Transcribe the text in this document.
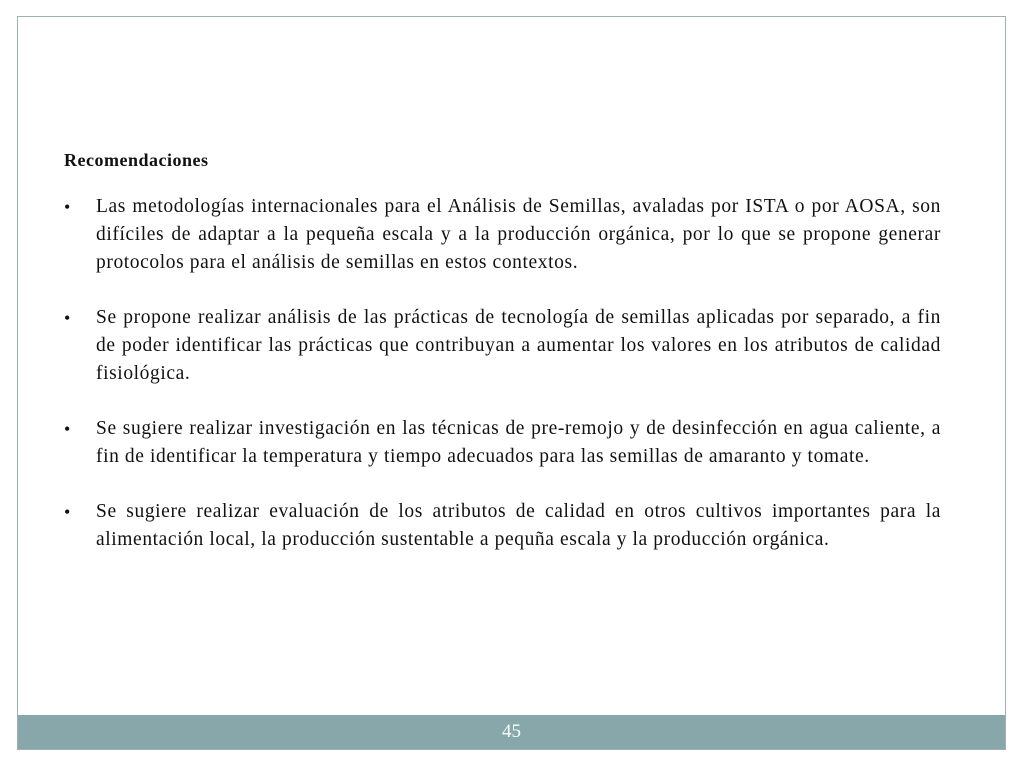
Recomendaciones
• Las metodologías internacionales para el Análisis de Semillas, avaladas por ISTA o por AOSA, son difíciles de adaptar a la pequeña escala y a la producción orgánica, por lo que se propone generar protocolos para el análisis de semillas en estos contextos.
• Se propone realizar análisis de las prácticas de tecnología de semillas aplicadas por separado, a fin de poder identificar las prácticas que contribuyan a aumentar los valores en los atributos de calidad fisiológica.
• Se sugiere realizar investigación en las técnicas de pre-remojo y de desinfección en agua caliente, a fin de identificar la temperatura y tiempo adecuados para las semillas de amaranto y tomate.
• Se sugiere realizar evaluación de los atributos de calidad en otros cultivos importantes para la alimentación local, la producción sustentable a pequña escala y la producción orgánica.
45
